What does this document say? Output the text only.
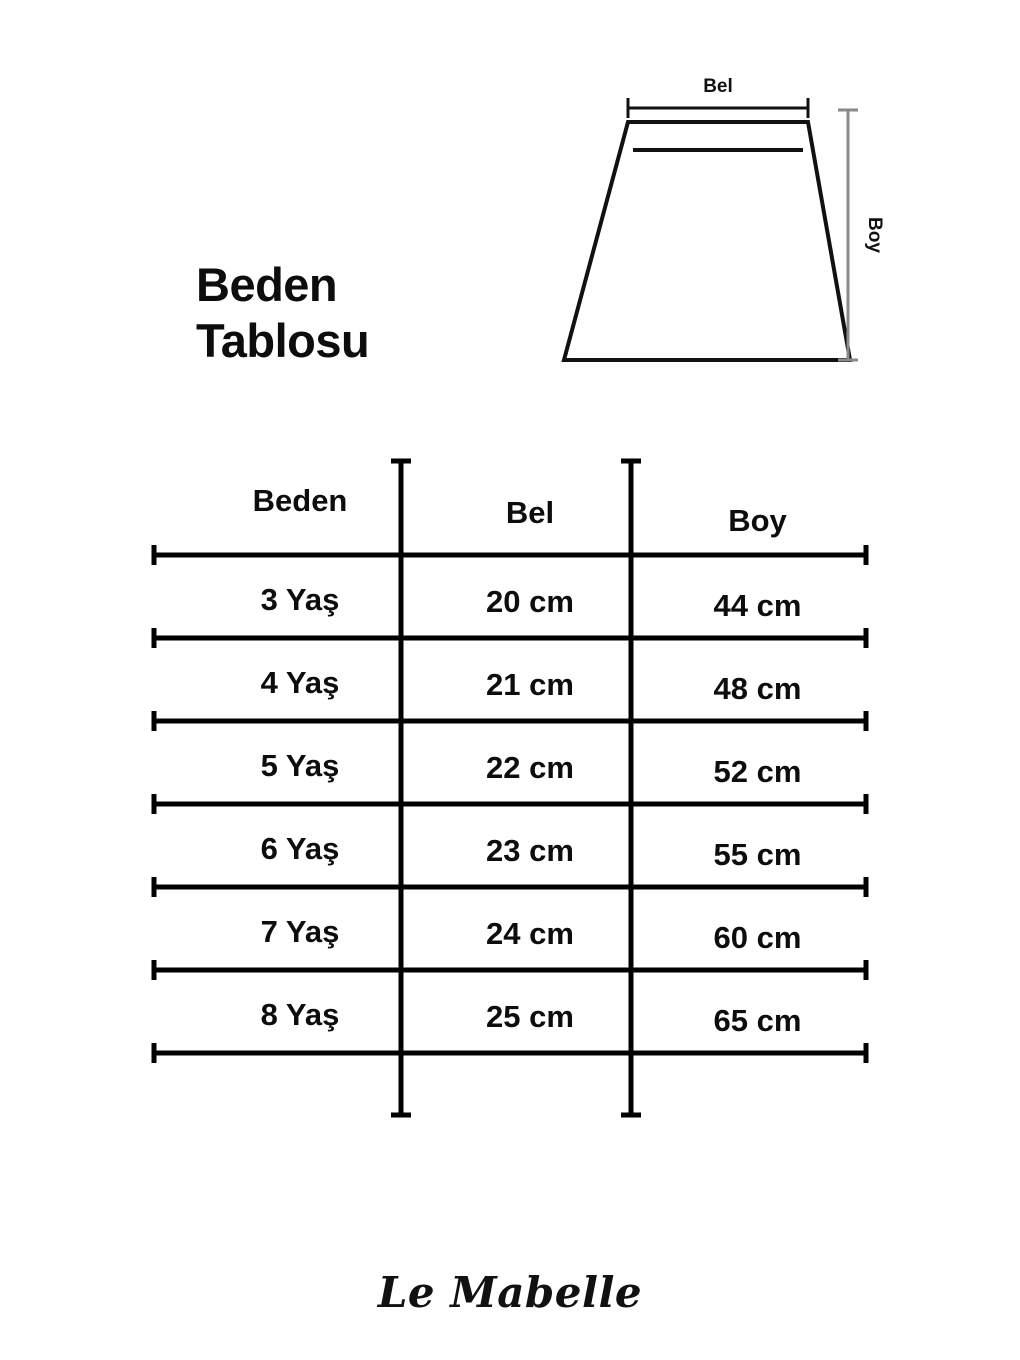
Beden
Tablosu
Bel
Boy
Beden	Bel	Boy
3 Yaş	20 cm	44 cm
4 Yaş	21 cm	48 cm
5 Yaş	22 cm	52 cm
6 Yaş	23 cm	55 cm
7 Yaş	24 cm	60 cm
8 Yaş	25 cm	65 cm
Le Mabelle
